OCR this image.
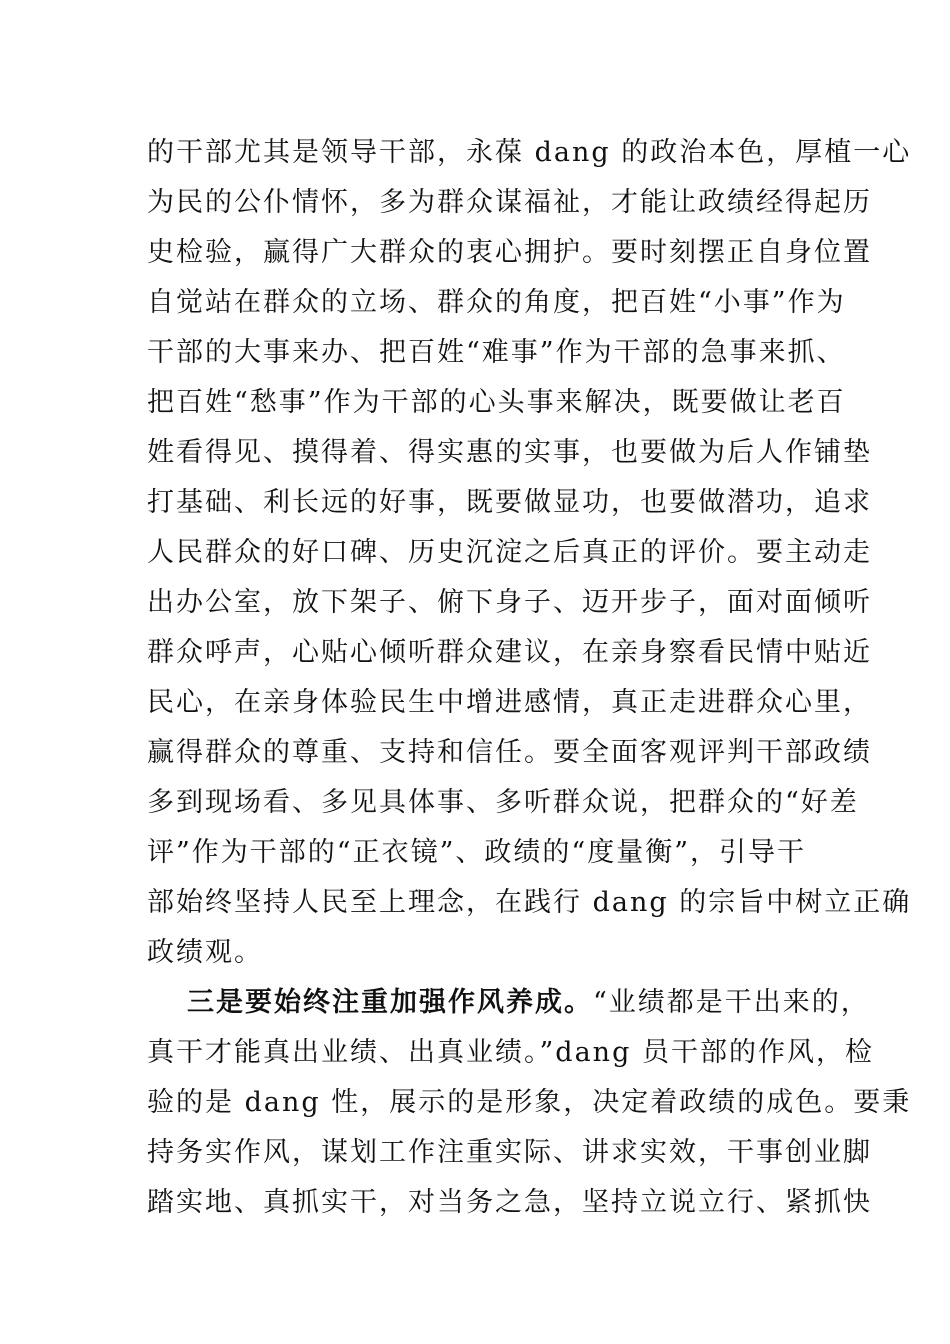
的干部尤其是领导干部，永葆 dang 的政治本色，厚植一心
为民的公仆情怀，多为群众谋福祉，才能让政绩经得起历
史检验，赢得广大群众的衷心拥护。要时刻摆正自身位置
自觉站在群众的立场、群众的角度，把百姓“小事”作为
干部的大事来办、把百姓“难事”作为干部的急事来抓、
把百姓“愁事”作为干部的心头事来解决，既要做让老百
姓看得见、摸得着、得实惠的实事，也要做为后人作铺垫
打基础、利长远的好事，既要做显功，也要做潜功，追求
人民群众的好口碑、历史沉淀之后真正的评价。要主动走
出办公室，放下架子、俯下身子、迈开步子，面对面倾听
群众呼声，心贴心倾听群众建议，在亲身察看民情中贴近
民心，在亲身体验民生中增进感情，真正走进群众心里，
赢得群众的尊重、支持和信任。要全面客观评判干部政绩
多到现场看、多见具体事、多听群众说，把群众的“好差
评”作为干部的“正衣镜”、政绩的“度量衡”，引导干
部始终坚持人民至上理念，在践行 dang 的宗旨中树立正确
政绩观。
三是要始终注重加强作风养成。“业绩都是干出来的，
真干才能真出业绩、出真业绩。”dang 员干部的作风，检
验的是 dang 性，展示的是形象，决定着政绩的成色。要秉
持务实作风，谋划工作注重实际、讲求实效，干事创业脚
踏实地、真抓实干，对当务之急，坚持立说立行、紧抓快
